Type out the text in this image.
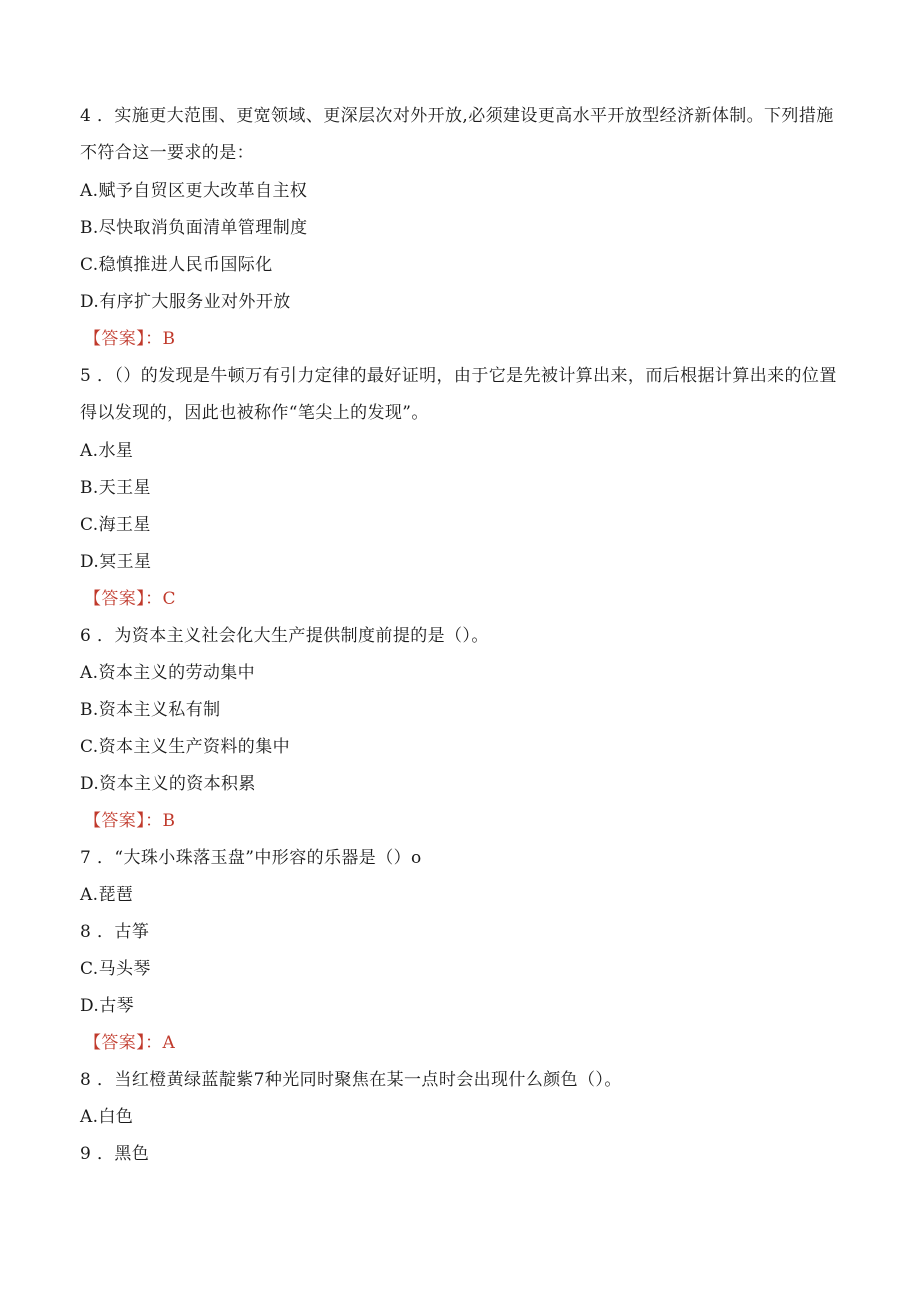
4 ．实施更大范围、更宽领域、更深层次对外开放,必须建设更高水平开放型经济新体制。下列措施不符合这一要求的是：
A.赋予自贸区更大改革自主权
B.尽快取消负面清单管理制度
C.稳慎推进人民币国际化
D.有序扩大服务业对外开放
【答案】：B
5 ．（）的发现是牛顿万有引力定律的最好证明，由于它是先被计算出来，而后根据计算出来的位置得以发现的，因此也被称作“笔尖上的发现”。
A.水星
B.天王星
C.海王星
D.冥王星
【答案】：C
6 ．为资本主义社会化大生产提供制度前提的是（）。
A.资本主义的劳动集中
B.资本主义私有制
C.资本主义生产资料的集中
D.资本主义的资本积累
【答案】：B
7 ．“大珠小珠落玉盘”中形容的乐器是（）o
A.琵琶
8 ．古筝
C.马头琴
D.古琴
【答案】：A
8 ．当红橙黄绿蓝靛紫7种光同时聚焦在某一点时会出现什么颜色（）。
A.白色
9 ．黑色
